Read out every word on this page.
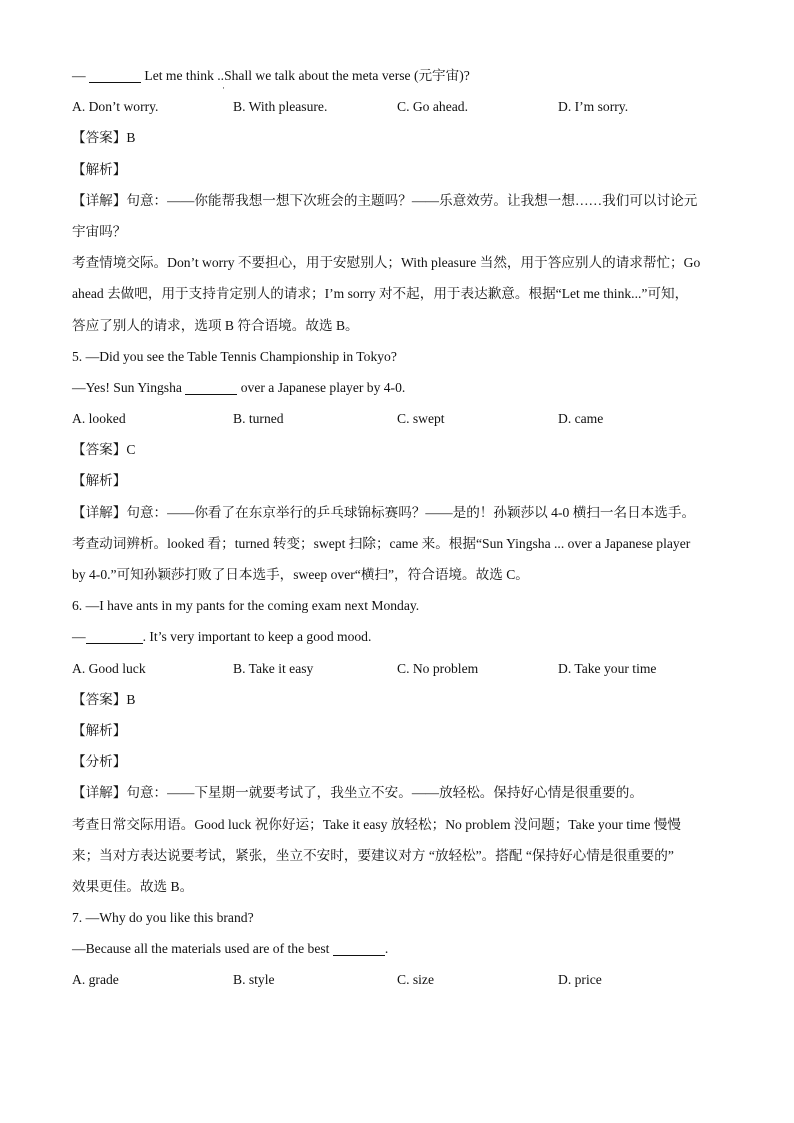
—	Let me think ..Shall we talk about the meta verse (元宇宙)?
·
A. Don’t worry.	B. With pleasure.	C. Go ahead.	D. I’m sorry.
【答案】B
【解析】
【详解】句意：——你能帮我想一想下次班会的主题吗？——乐意效劳。让我想一想……我们可以讨论元
宇宙吗？
考查情境交际。Don’t worry 不要担心，用于安慰别人；With pleasure 当然，用于答应别人的请求帮忙；Go
ahead 去做吧，用于支持肯定别人的请求；I’m sorry 对不起，用于表达歉意。根据“Let me think...”可知，
答应了别人的请求，选项 B 符合语境。故选 B。
5. —Did you see the Table Tennis Championship in Tokyo?
—Yes! Sun Yingsha	over a Japanese player by 4-0.
A. looked	B. turned	C. swept	D. came
【答案】C
【解析】
【详解】句意：——你看了在东京举行的乒乓球锦标赛吗？——是的！孙颖莎以 4-0 横扫一名日本选手。
考查动词辨析。looked 看；turned 转变；swept 扫除；came 来。根据“Sun Yingsha ... over a Japanese player
by 4-0.”可知孙颖莎打败了日本选手，sweep over“横扫”，符合语境。故选 C。
6. —I have ants in my pants for the coming exam next Monday.
—	. It’s very important to keep a good mood.
A. Good luck	B. Take it easy	C. No problem	D. Take your time
【答案】B
【解析】
【分析】
【详解】句意：——下星期一就要考试了，我坐立不安。——放轻松。保持好心情是很重要的。
考查日常交际用语。Good luck 祝你好运；Take it easy 放轻松；No problem 没问题；Take your time 慢慢
来；当对方表达说要考试，紧张，坐立不安时，要建议对方 “放轻松”。搭配 “保持好心情是很重要的”
效果更佳。故选 B。
7. —Why do you like this brand?
—Because all the materials used are of the best	.
A. grade	B. style	C. size	D. price
